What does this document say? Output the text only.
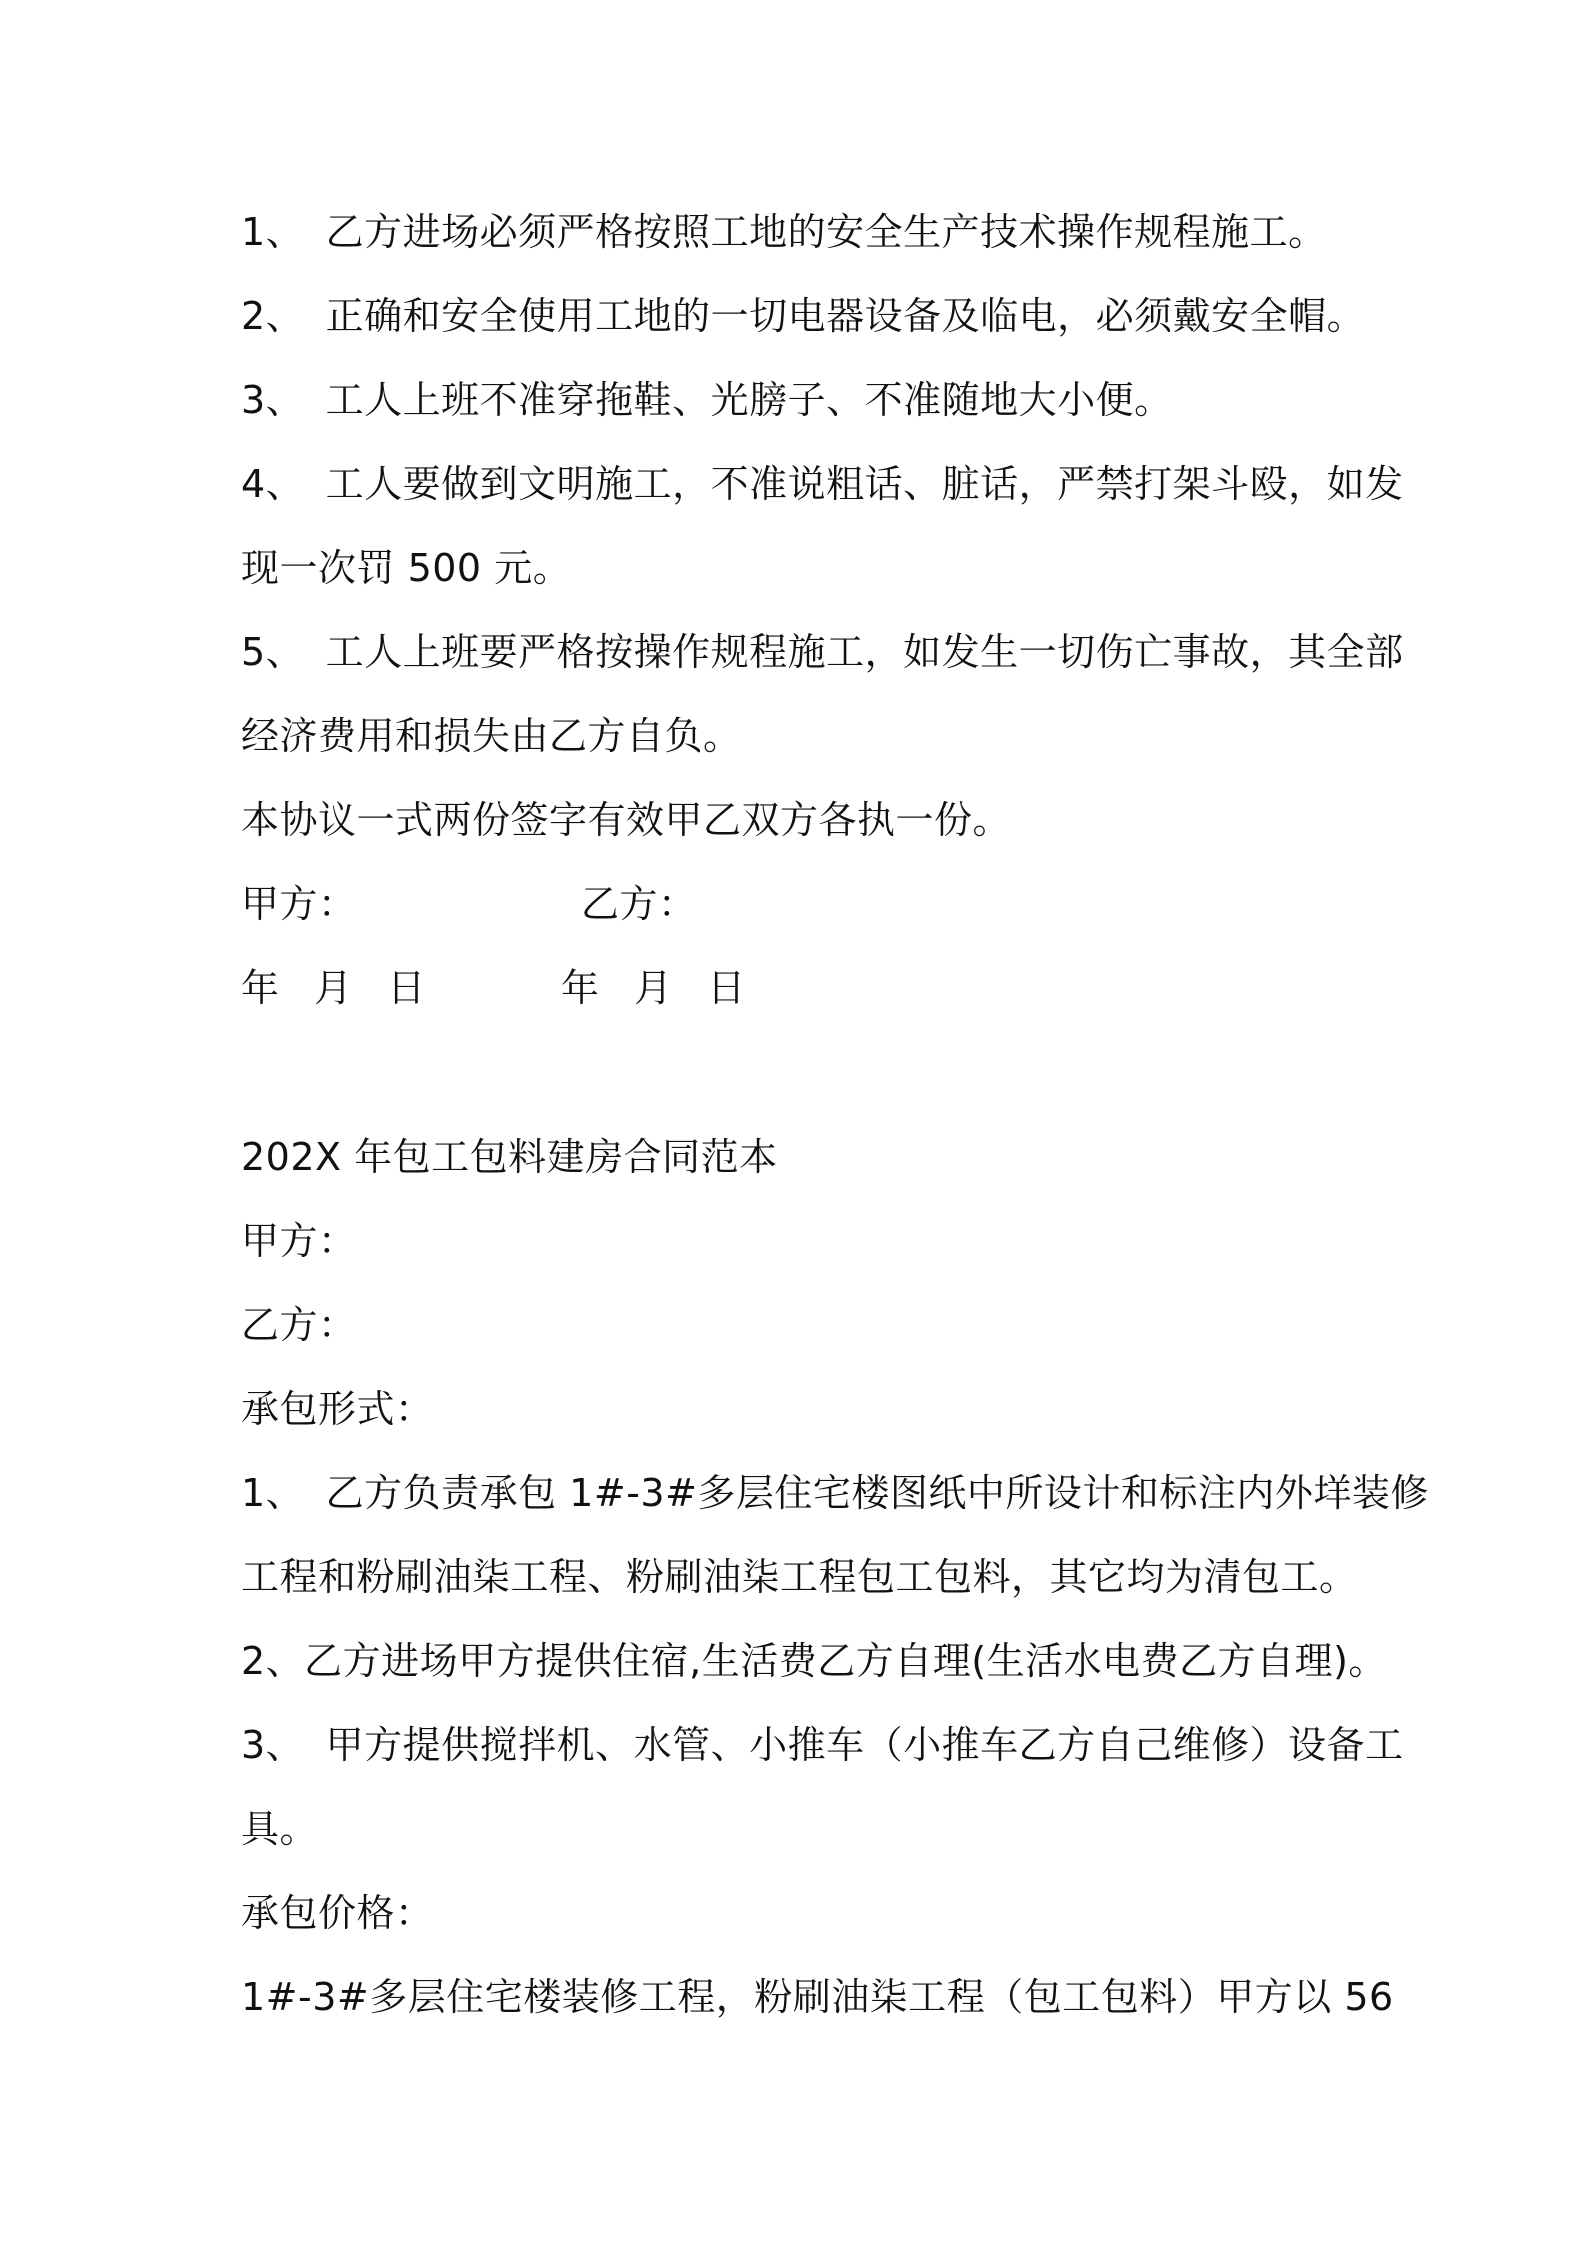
1、 乙方进场必须严格按照工地的安全生产技术操作规程施工。
2、 正确和安全使用工地的一切电器设备及临电，必须戴安全帽。
3、 工人上班不准穿拖鞋、光膀子、不准随地大小便。
4、 工人要做到文明施工，不准说粗话、脏话，严禁打架斗殴，如发
现一次罚 500 元。
5、 工人上班要严格按操作规程施工，如发生一切伤亡事故，其全部
经济费用和损失由乙方自负。
本协议一式两份签字有效甲乙双方各执一份。
甲方：	乙方：
年 月 日	年 月 日
202X 年包工包料建房合同范本
甲方：
乙方：
承包形式：
1、 乙方负责承包 1#-3#多层住宅楼图纸中所设计和标注内外垟装修
工程和粉刷油柒工程、粉刷油柒工程包工包料，其它均为清包工。
2、乙方进场甲方提供住宿,生活费乙方自理(生活水电费乙方自理)。
3、 甲方提供搅拌机、水管、小推车（小推车乙方自己维修）设备工
具。
承包价格：
1#-3#多层住宅楼装修工程，粉刷油柒工程（包工包料）甲方以 56
